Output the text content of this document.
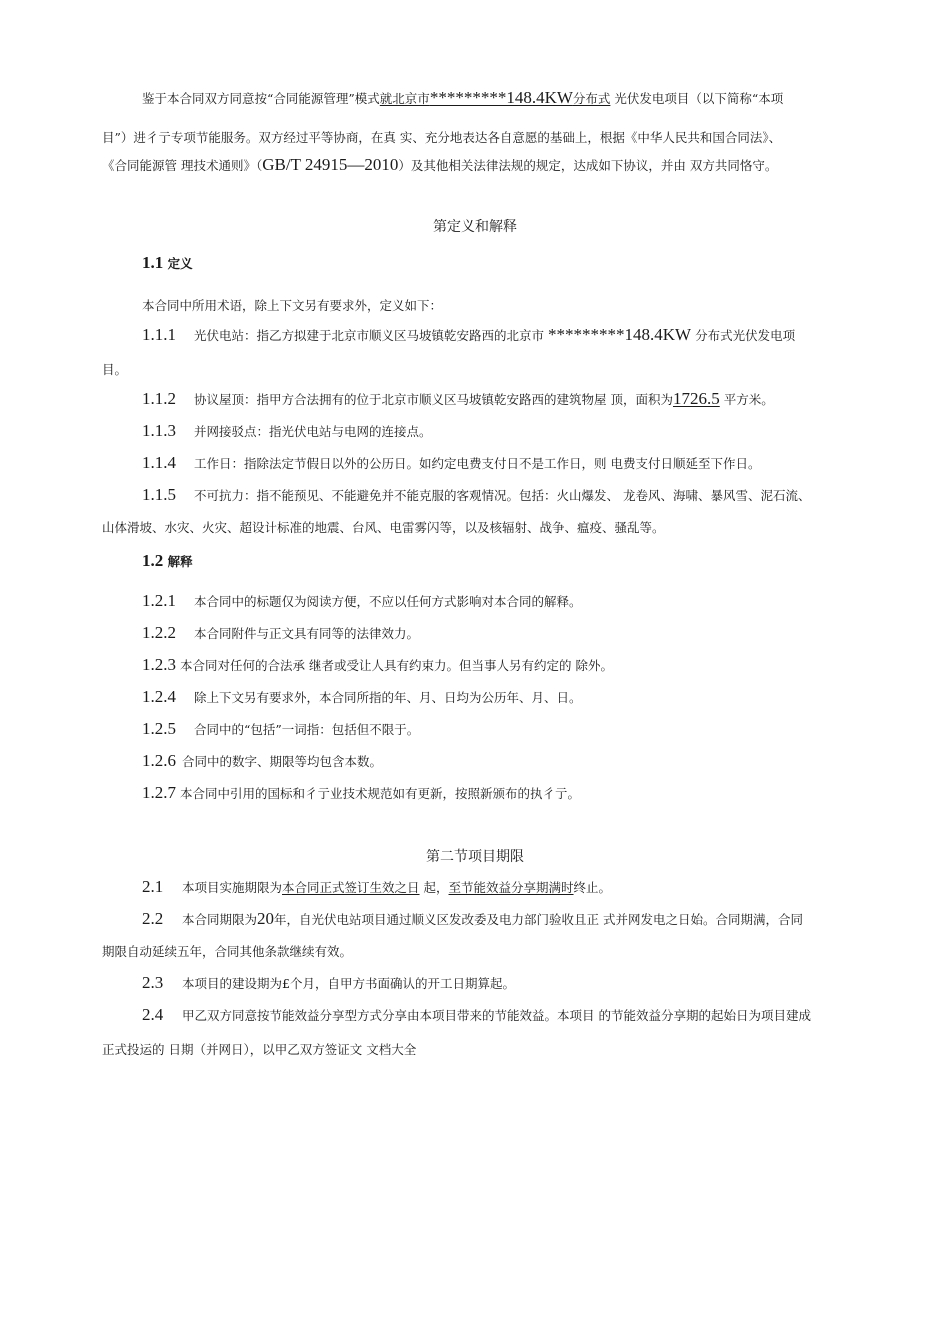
鉴于本合同双方同意按“合同能源管理”模式就北京市*********148.4KW分布式 光伏发电项目（以下简称“本项
目”）进彳亍专项节能服务。双方经过平等协商，在真 实、充分地表达各自意愿的基础上，根据《中华人民共和国合同法》、
《合同能源管 理技术通则》（GB/T 24915—2010）及其他相关法律法规的规定，达成如下协议，并由 双方共同恪守。
第定义和解释
1.1 定义
本合同中所用术语，除上下文另有要求外，定义如下：
1.1.1 光伏电站：指乙方拟建于北京市顺义区马坡镇乾安路西的北京市 *********148.4KW 分布式光伏发电项
目。
1.1.2 协议屋顶：指甲方合法拥有的位于北京市顺义区马坡镇乾安路西的建筑物屋 顶，面积为1726.5 平方米。
1.1.3 并网接驳点：指光伏电站与电网的连接点。
1.1.4 工作日：指除法定节假日以外的公历日。如约定电费支付日不是工作日，则 电费支付日顺延至下作日。
1.1.5 不可抗力：指不能预见、不能避免并不能克服的客观情况。包括：火山爆发、 龙卷风、海啸、暴风雪、泥石流、
山体滑坡、水灾、火灾、超设计标准的地震、台风、电雷雾闪等，以及核辐射、战争、瘟疫、骚乱等。
1.2 解释
1.2.1 本合同中的标题仅为阅读方便，不应以任何方式影响对本合同的解释。
1.2.2 本合同附件与正文具有同等的法律效力。
1.2.3 本合同对任何的合法承 继者或受让人具有约束力。但当事人另有约定的 除外。
1.2.4 除上下文另有要求外，本合同所指的年、月、日均为公历年、月、日。
1.2.5 合同中的“包括”一词指：包括但不限于。
1.2.6 合同中的数字、期限等均包含本数。
1.2.7 本合同中引用的国标和彳亍业技术规范如有更新，按照新颁布的执彳亍。
第二节项目期限
2.1 本项目实施期限为本合同正式签订生效之日 起，至节能效益分享期满时终止。
2.2 本合同期限为20年，自光伏电站项目通过顺义区发改委及电力部门验收且正 式并网发电之日始。合同期满，合同
期限自动延续五年，合同其他条款继续有效。
2.3 本项目的建设期为£个月，自甲方书面确认的开工日期算起。
2.4 甲乙双方同意按节能效益分享型方式分享由本项目带来的节能效益。本项目 的节能效益分享期的起始日为项目建成
正式投运的 日期（并网日），以甲乙双方签证文 文档大全
